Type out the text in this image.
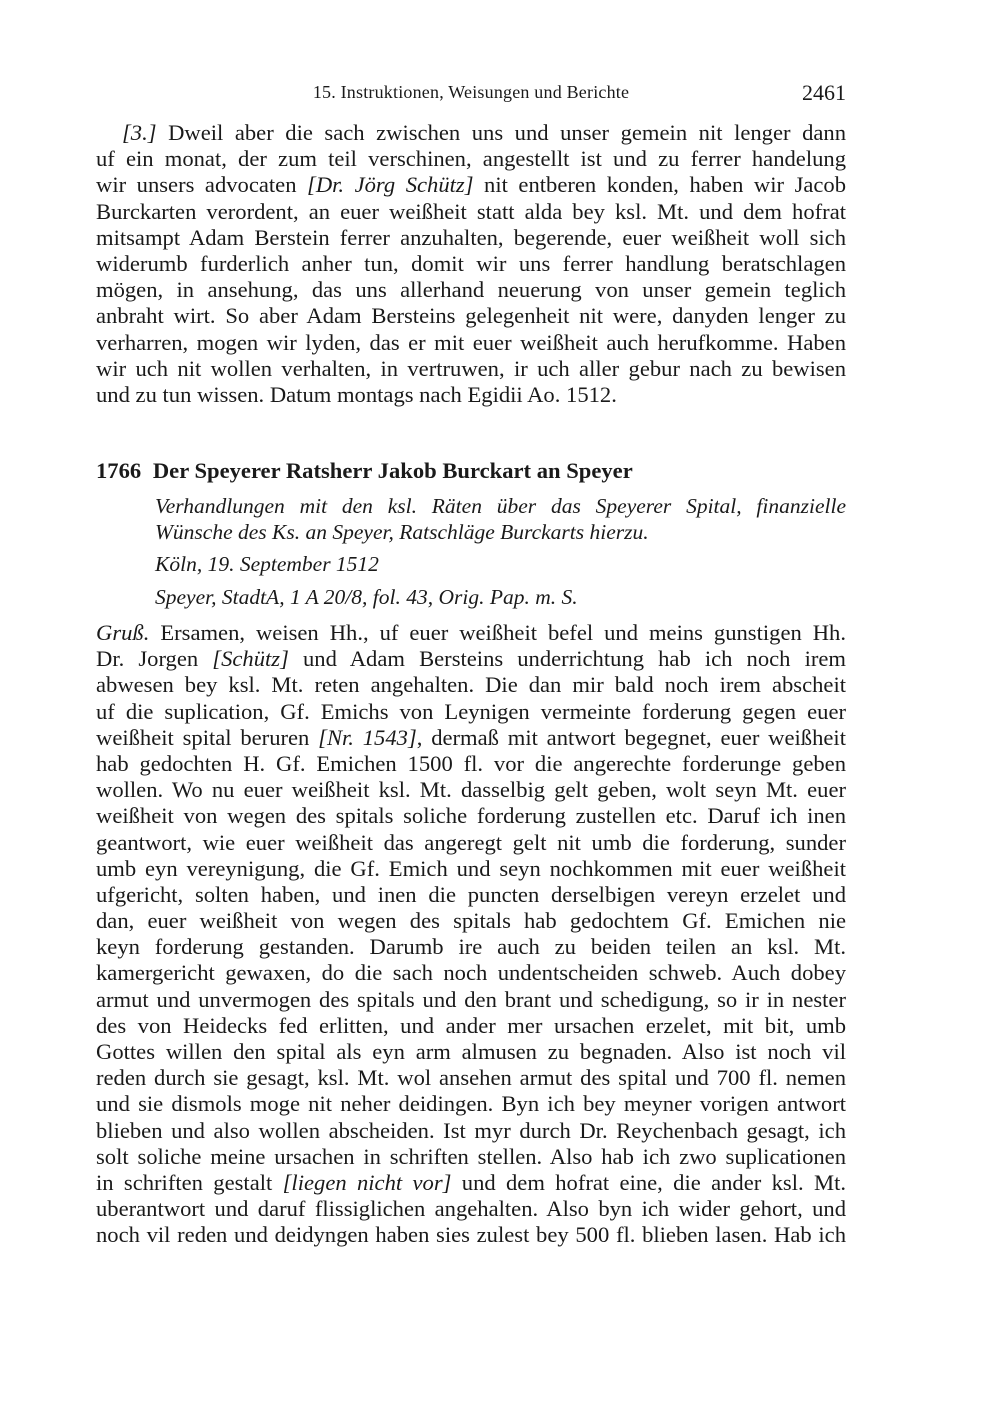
15. Instruktionen, Weisungen und Berichte	2461
[3.] Dweil aber die sach zwischen uns und unser gemein nit lenger dann
uf ein monat, der zum teil verschinen, angestellt ist und zu ferrer handelung
wir unsers advocaten [Dr. Jörg Schütz] nit entberen konden, haben wir Jacob
Burckarten verordent, an euer weißheit statt alda bey ksl. Mt. und dem hofrat
mitsampt Adam Berstein ferrer anzuhalten, begerende, euer weißheit woll sich
widerumb furderlich anher tun, domit wir uns ferrer handlung beratschlagen
mögen, in ansehung, das uns allerhand neuerung von unser gemein teglich
anbraht wirt. So aber Adam Bersteins gelegenheit nit were, danyden lenger zu
verharren, mogen wir lyden, das er mit euer weißheit auch herufkomme. Haben
wir uch nit wollen verhalten, in vertruwen, ir uch aller gebur nach zu bewisen
und zu tun wissen. Datum montags nach Egidii Ao. 1512.
1766 Der Speyerer Ratsherr Jakob Burckart an Speyer
Verhandlungen mit den ksl. Räten über das Speyerer Spital, finanzielle
Wünsche des Ks. an Speyer, Ratschläge Burckarts hierzu.
Köln, 19. September 1512
Speyer, StadtA, 1 A 20/8, fol. 43, Orig. Pap. m. S.
Gruß. Ersamen, weisen Hh., uf euer weißheit befel und meins gunstigen Hh.
Dr. Jorgen [Schütz] und Adam Bersteins underrichtung hab ich noch irem
abwesen bey ksl. Mt. reten angehalten. Die dan mir bald noch irem abscheit
uf die suplication, Gf. Emichs von Leynigen vermeinte forderung gegen euer
weißheit spital beruren [Nr. 1543], dermaß mit antwort begegnet, euer weißheit
hab gedochten H. Gf. Emichen 1500 fl. vor die angerechte forderunge geben
wollen. Wo nu euer weißheit ksl. Mt. dasselbig gelt geben, wolt seyn Mt. euer
weißheit von wegen des spitals soliche forderung zustellen etc. Daruf ich inen
geantwort, wie euer weißheit das angeregt gelt nit umb die forderung, sunder
umb eyn vereynigung, die Gf. Emich und seyn nochkommen mit euer weißheit
ufgericht, solten haben, und inen die puncten derselbigen vereyn erzelet und
dan, euer weißheit von wegen des spitals hab gedochtem Gf. Emichen nie
keyn forderung gestanden. Darumb ire auch zu beiden teilen an ksl. Mt.
kamergericht gewaxen, do die sach noch undentscheiden schweb. Auch dobey
armut und unvermogen des spitals und den brant und schedigung, so ir in nester
des von Heidecks fed erlitten, und ander mer ursachen erzelet, mit bit, umb
Gottes willen den spital als eyn arm almusen zu begnaden. Also ist noch vil
reden durch sie gesagt, ksl. Mt. wol ansehen armut des spital und 700 fl. nemen
und sie dismols moge nit neher deidingen. Byn ich bey meyner vorigen antwort
blieben und also wollen abscheiden. Ist myr durch Dr. Reychenbach gesagt, ich
solt soliche meine ursachen in schriften stellen. Also hab ich zwo suplicationen
in schriften gestalt [liegen nicht vor] und dem hofrat eine, die ander ksl. Mt.
uberantwort und daruf flissiglichen angehalten. Also byn ich wider gehort, und
noch vil reden und deidyngen haben sies zulest bey 500 fl. blieben lasen. Hab ich
